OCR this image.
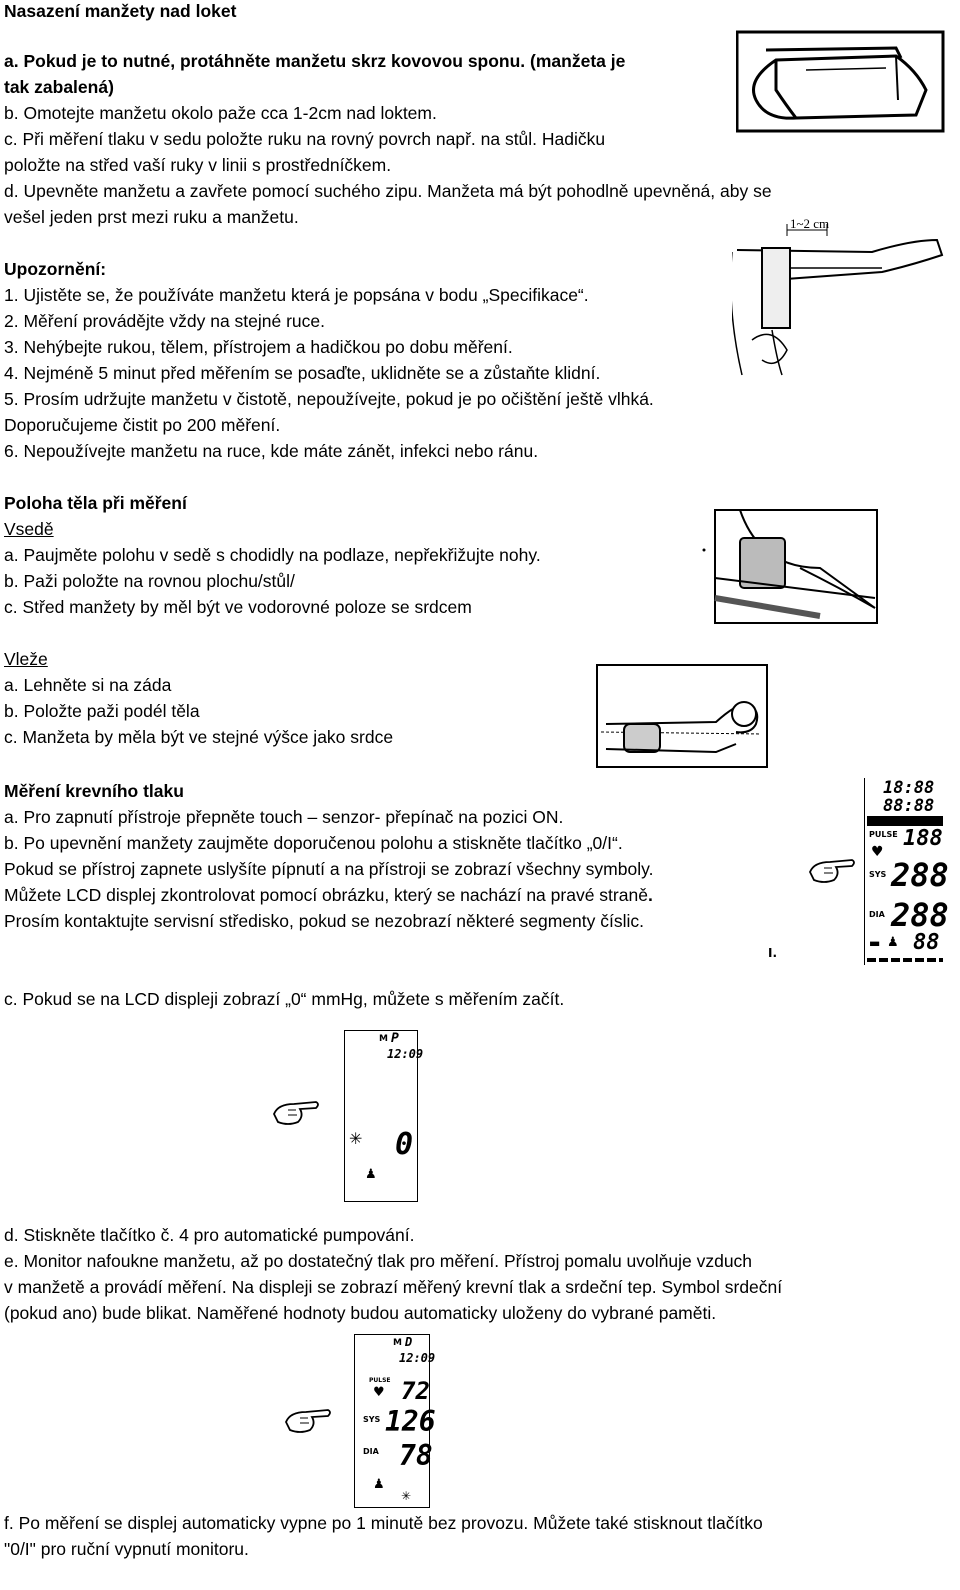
Nasazení manžety nad loket
a. Pokud je to nutné, protáhněte manžetu skrz kovovou sponu. (manžeta je
tak zabalená)
b. Omotejte manžetu okolo paže cca 1-2cm nad loktem.
c. Při měření tlaku v sedu položte ruku na rovný povrch např. na stůl. Hadičku
položte na střed vaší ruky v linii s prostředníčkem.
d. Upevněte manžetu a zavřete pomocí suchého zipu. Manžeta má být pohodlně upevněná, aby se
vešel jeden prst mezi ruku a manžetu.	1~2 cm
Upozornění:
1. Ujistěte se, že používáte manžetu která je popsána v bodu „Specifikace“.
2. Měření provádějte vždy na stejné ruce.
3. Nehýbejte rukou, tělem, přístrojem a hadičkou po dobu měření.
4. Nejméně 5 minut před měřením se posaďte, uklidněte se a zůstaňte klidní.
5. Prosím udržujte manžetu v čistotě, nepoužívejte, pokud je po očištění ještě vlhká.
Doporučujeme čistit po 200 měření.
6. Nepoužívejte manžetu na ruce, kde máte zánět, infekci nebo ránu.
Poloha těla při měření
Vsedě
a. Paujměte polohu v sedě s chodidly na podlaze, nepřekřižujte nohy.
b. Paži položte na rovnou plochu/stůl/
c. Střed manžety by měl být ve vodorovné poloze se srdcem
Vleže
a. Lehněte si na záda
b. Položte paži podél těla
c. Manžeta by měla být ve stejné výšce jako srdce
Měření krevního tlaku
a. Pro zapnutí přístroje přepněte touch – senzor- přepínač na pozici ON.
b. Po upevnění manžety zaujměte doporučenou polohu a stiskněte tlačítko „0/I“.
Pokud se přístroj zapnete uslyšíte pípnutí a na přístroji se zobrazí všechny symboly.
Můžete LCD displej zkontrolovat pomocí obrázku, který se nachází na pravé straně.
Prosím kontaktujte servisní středisko, pokud se nezobrazí některé segmenty číslic.
I.
18:88
88:88
PULSE 188
♥
SYS 288
DIA 288
▬ ♟ 88
c. Pokud se na LCD displeji zobrazí „0“ mmHg, můžete s měřením začít.
M P
12:09
✳ 0
♟
d. Stiskněte tlačítko č. 4 pro automatické pumpování.
e. Monitor nafoukne manžetu, až po dostatečný tlak pro měření. Přístroj pomalu uvolňuje vzduch
v manžetě a provádí měření. Na displeji se zobrazí měřený krevní tlak a srdeční tep. Symbol srdeční
(pokud ano) bude blikat. Naměřené hodnoty budou automaticky uloženy do vybrané paměti.
M D
12:09
PULSE
♥ 72
SYS 126
DIA 78
♟
✳
f. Po měření se displej automaticky vypne po 1 minutě bez provozu. Můžete také stisknout tlačítko
"0/I" pro ruční vypnutí monitoru.
